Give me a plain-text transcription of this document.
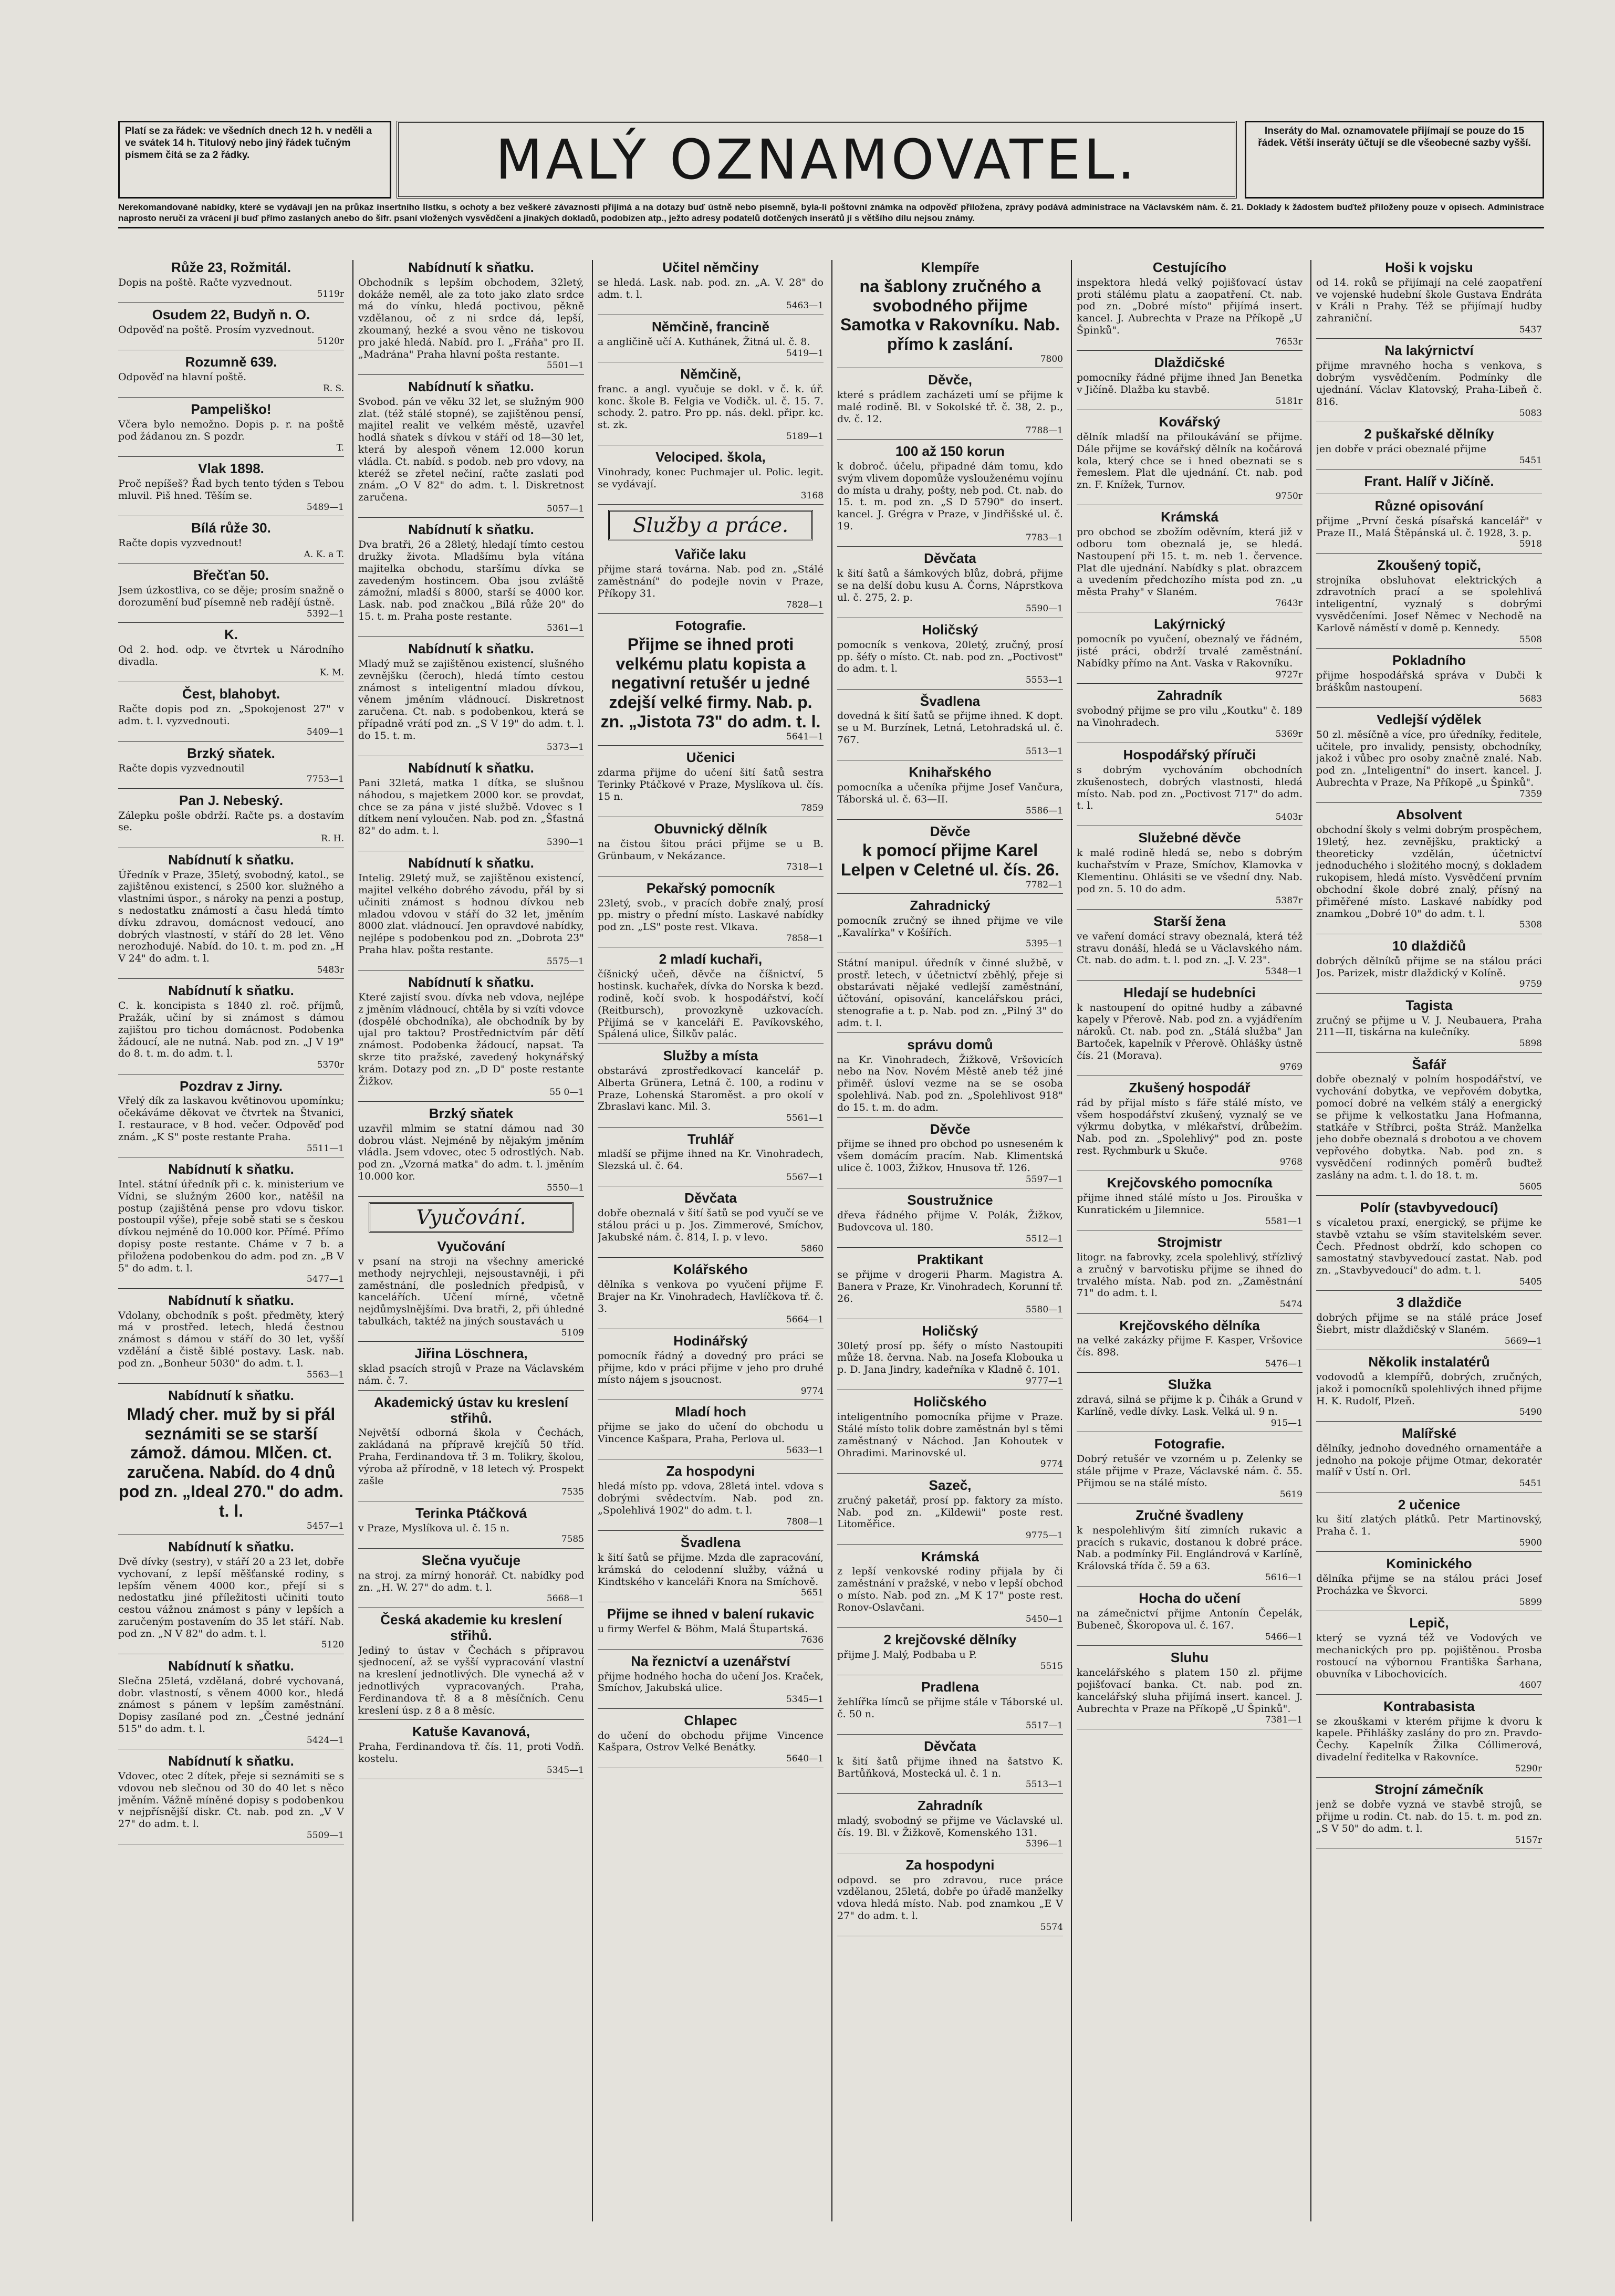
Platí se za řádek: ve všedních dnech 12 h. v neděli a ve svátek 14 h. Titulový nebo jiný řádek tučným písmem čítá se za 2 řádky.	MALÝ OZNAMOVATEL.	Inseráty do Mal. oznamovatele přijímají se pouze do 15 řádek. Větší inseráty účtují se dle všeobecné sazby vyšší.
Nerekomandované nabídky, které se vydávají jen na průkaz insertního lístku, s ochoty a bez veškeré závaznosti přijímá a na dotazy buď ústně nebo písemně, byla-li poštovní známka na odpověď přiložena, zprávy podává administrace na Václavském nám. č. 21. Doklady k žádostem buďtež přiloženy pouze v opisech. Administrace naprosto neručí za vrácení jí buď přímo zaslaných anebo do šifr. psaní vložených vysvědčení a jinakých dokladů, podobizen atp., ježto adresy podatelů dotčených inserátů jí s většího dílu nejsou známy.
Růže 23, Rožmitál.
Dopis na poště. Račte vyzvednout.
5119r
Osudem 22, Budyň n. O.
Odpověď na poště. Prosím vyzvednout.
5120r
Rozumně 639.
Odpověď na hlavní poště.
R. S.
Pampeliško!
Včera bylo nemožno. Dopis p. r. na poště pod žádanou zn. S pozdr.
T.
Vlak 1898.
Proč nepíšeš? Řad bych tento týden s Tebou mluvil. Piš hned. Těším se.
5489—1
Bílá růže 30.
Račte dopis vyzvednout!
A. K. a T.
Břečťan 50.
Jsem úzkostliva, co se děje; prosím snažně o dorozumění buď písemně neb radějí ústně.
5392—1
K.
Od 2. hod. odp. ve čtvrtek u Národního divadla.
K. M.
Čest, blahobyt.
Račte dopis pod zn. „Spokojenost 27" v adm. t. l. vyzvednouti.
5409—1
Brzký sňatek.
Račte dopis vyzvednoutil
7753—1
Pan J. Nebeský.
Zálepku pošle obdrží. Račte ps. a dostavím se.
R. H.
Nabídnutí k sňatku.
Úředník v Praze, 35letý, svobodný, katol., se zajištěnou existencí, s 2500 kor. služného a vlastními úspor., s nároky na penzi a postup, s nedostatku známostí a času hledá tímto dívku zdravou, domácnost vedoucí, ano dobrých vlastností, v stáří do 28 let. Věno nerozhodujé. Nabíd. do 10. t. m. pod zn. „H V 24" do adm. t. l.
5483r
Nabídnutí k sňatku.
C. k. koncipista s 1840 zl. roč. příjmů, Pražák, učiní by si známost s dámou zajištou pro tichou domácnost. Podobenka žádoucí, ale ne nutná. Nab. pod zn. „J V 19" do 8. t. m. do adm. t. l.
5370r
Pozdrav z Jirny.
Vřelý dík za laskavou květinovou upomínku; očekáváme děkovat ve čtvrtek na Štvanici, I. restaurace, v 8 hod. večer. Odpověď pod znám. „K S" poste restante Praha.
5511—1
Nabídnutí k sňatku.
Intel. státní úředník při c. k. ministerium ve Vídni, se služným 2600 kor., natěšil na postup (zajištěná pense pro vdovu tiskor. postoupil výše), přeje sobě stati se s českou dívkou nejméně do 10.000 kor. Přímé. Přímo dopisy poste restante. Cháme v 7 b. a přiložena podobenkou do adm. pod zn. „B V 5" do adm. t. l.
5477—1
Nabídnutí k sňatku.
Vdolany, obchodník s pošt. předměty, který má v prostřed. letech, hledá čestnou známost s dámou v stáří do 30 let, vyšší vzdělání a čistě šiblé postavy. Lask. nab. pod zn. „Bonheur 5030" do adm. t. l.
5563—1
Nabídnutí k sňatku.
Mladý cher. muž by si přál seznámiti se se starší zámož. dámou. Mlčen. ct. zaručena. Nabíd. do 4 dnů pod zn. „Ideal 270." do adm. t. l.
5457—1
Nabídnutí k sňatku.
Dvě dívky (sestry), v stáří 20 a 23 let, dobře vychovaní, z lepší měšťanské rodiny, s lepším věnem 4000 kor., přejí si s nedostatku jiné příležitosti učiniti touto cestou vážnou známost s pány v lepších a zaručeným postavením do 35 let stáří. Nab. pod zn. „N V 82" do adm. t. l.
5120
Nabídnutí k sňatku.
Slečna 25letá, vzdělaná, dobré vychovaná, dobr. vlastností, s věnem 4000 kor., hledá známost s pánem v lepším zaměstnání. Dopisy zasílané pod zn. „Čestné jednání 515" do adm. t. l.
5424—1
Nabídnutí k sňatku.
Vdovec, otec 2 dítek, přeje si seznámiti se s vdovou neb slečnou od 30 do 40 let s něco jměním. Vážně míněné dopisy s podobenkou v nejpřísnější diskr. Ct. nab. pod zn. „V V 27" do adm. t. l.
5509—1
Nabídnutí k sňatku.
Obchodník s lepším obchodem, 32letý, dokáže neměl, ale za toto jako zlato srdce má do vínku, hledá poctivou, pěkně vzdělanou, oč z ni srdce dá, lepší, zkoumaný, hezké a svou věno ne tiskovou pro jaké hledá. Nabíd. pro I. „Fráňa" pro II. „Madrána" Praha hlavní pošta restante.
5501—1
Nabídnutí k sňatku.
Svobod. pán ve věku 32 let, se služným 900 zlat. (též stálé stopné), se zajištěnou pensí, majitel realit ve velkém městě, uzavřel hodlá sňatek s dívkou v stáří od 18—30 let, která by alespoň věnem 12.000 korun vládla. Ct. nabíd. s podob. neb pro vdovy, na kteréž se zřetel nečiní, račte zaslati pod znám. „O V 82" do adm. t. l. Diskretnost zaručena.
5057—1
Nabídnutí k sňatku.
Dva bratři, 26 a 28letý, hledají tímto cestou družky života. Mladšímu byla vítána majitelka obchodu, staršímu dívka se zavedeným hostincem. Oba jsou zvláště zámožní, mladší s 8000, starší se 4000 kor. Lask. nab. pod značkou „Bílá růže 20" do 15. t. m. Praha poste restante.
5361—1
Nabídnutí k sňatku.
Mladý muž se zajištěnou existencí, slušného zevnějšku (čeroch), hledá tímto cestou známost s inteligentní mladou dívkou, věnem jměním vládnoucí. Diskretnost zaručena. Ct. nab. s podobenkou, která se případně vrátí pod zn. „S V 19" do adm. t. l. do 15. t. m.
5373—1
Nabídnutí k sňatku.
Pani 32letá, matka 1 dítka, se slušnou náhodou, s majetkem 2000 kor. se provdat, chce se za pána v jisté službě. Vdovec s 1 dítkem není vyloučen. Nab. pod zn. „Šťastná 82" do adm. t. l.
5390—1
Nabídnutí k sňatku.
Intelig. 29letý muž, se zajištěnou existencí, majitel velkého dobrého závodu, přál by si učiniti známost s hodnou dívkou neb mladou vdovou v stáří do 32 let, jměním 8000 zlat. vládnoucí. Jen opravdové nabídky, nejlépe s podobenkou pod zn. „Dobrota 23" Praha hlav. pošta restante.
5575—1
Nabídnutí k sňatku.
Které zajistí svou. dívka neb vdova, nejlépe z jměním vládnoucí, chtěla by si vzíti vdovce (dospělé obchodníka), ale obchodník by by ujal pro taktou? Prostřednictvím pár dětí známost. Podobenka žádoucí, napsat. Ta skrze tito pražské, zavedený hokynářský krám. Dotazy pod zn. „D D" poste restante Žižkov.
55 0—1
Brzký sňatek
uzavřil mlmim se statní dámou nad 30 dobrou vlást. Nejméně by nějakým jměním vládla. Jsem vdovec, otec 5 odrostlých. Nab. pod zn. „Vzorná matka" do adm. t. l. jměním 10.000 kor.
5550—1
Vyučování.
Vyučování
v psaní na stroji na všechny americké methody nejrychleji, nejsoustavněji, i při zaměstnání, dle posledních předpisů, v kancelářích. Učení mírné, včetně nejdůmyslnějšími. Dva bratři, 2, při úhledné tabulkách, taktéž na jiných soustavách u
5109
Jiřina Löschnera,
sklad psacích strojů v Praze na Václavském nám. č. 7.
Akademický ústav ku kreslení střihů.
Největší odborná škola v Čechách, zakládaná na přípravě krejčíů 50 tříd. Praha, Ferdinandova tř. 3 m. Tolikry, školou, výroba až přírodně, v 18 letech vý. Prospekt zašle
7535
Terinka Ptáčková
v Praze, Myslíkova ul. č. 15 n.
7585
Slečna vyučuje
na stroj. za mírný honorář. Ct. nabídky pod zn. „H. W. 27" do adm. t. l.
5668—1
Česká akademie ku kreslení střihů.
Jediný to ústav v Čechách s přípravou sjednocení, až se vyšší vypracování vlastní na kreslení jednotlivých. Dle vynechá až v jednotlivých vypracovaných. Praha, Ferdinandova tř. 8 a 8 měsíčních. Cenu kreslení úsp. z 8 a 8 měsíc.
Katuše Kavanová,
Praha, Ferdinandova tř. čís. 11, proti Vodň. kostelu.
5345—1
Učitel němčiny
se hledá. Lask. nab. pod. zn. „A. V. 28" do adm. t. l.
5463—1
Němčině, francině
a angličině učí A. Kuthánek, Žitná ul. č. 8.
5419—1
Němčině,
franc. a angl. vyučuje se dokl. v č. k. úř. konc. škole B. Felgia ve Vodičk. ul. č. 15. 7. schody. 2. patro. Pro pp. nás. dekl. připr. kc. st. zk.
5189—1
Velociped. škola,
Vinohrady, konec Puchmajer ul. Polic. legit. se vydávají.
3168
Služby a práce.
Vařiče laku
přijme stará továrna. Nab. pod zn. „Stálé zaměstnání" do podejle novin v Praze, Příkopy 31.
7828—1
Fotografie.
Přijme se ihned proti velkému platu kopista a negativní retušér u jedné zdejší velké firmy. Nab. p. zn. „Jistota 73" do adm. t. l.
5641—1
Učenici
zdarma přijme do učení šití šatů sestra Terinky Ptáčkové v Praze, Myslíkova ul. čís. 15 n.
7859
Obuvnický dělník
na čistou šitou práci přijme se u B. Grünbaum, v Nekázance.
7318—1
Pekařský pomocník
23letý, svob., v pracích dobře znalý, prosí pp. mistry o přední místo. Laskavé nabídky pod zn. „LS" poste rest. Vlkava.
7858—1
2 mladí kuchaři,
číšnický učeň, děvče na číšnictví, 5 hostinsk. kuchařek, dívka do Norska k bezd. rodině, kočí svob. k hospodářství, kočí (Reitbursch), provozkyně uzkovacích. Přijímá se v kanceláři E. Pavíkovského, Spálená ulice, Šilkův palác.
Služby a místa
obstarává zprostředkovací kancelář p. Alberta Grünera, Letná č. 100, a rodinu v Praze, Lohenská Staroměst. a pro okolí v Zbraslavi kanc. Mil. 3.
5561—1
Truhlář
mladší se přijme ihned na Kr. Vinohradech, Slezská ul. č. 64.
5567—1
Děvčata
dobře obeznalá v šití šatů se pod vyučí se ve stálou práci u p. Jos. Zimmerové, Smíchov, Jakubské nám. č. 814, I. p. v levo.
5860
Kolářského
dělníka s venkova po vyučení přijme F. Brajer na Kr. Vinohradech, Havlíčkova tř. č. 3.
5664—1
Hodinářský
pomocník řádný a dovedný pro práci se přijme, kdo v práci přijme v jeho pro druhé místo nájem s jsoucnost.
9774
Mladí hoch
přijme se jako do učení do obchodu u Vincence Kašpara, Praha, Perlova ul.
5633—1
Za hospodyni
hledá místo pp. vdova, 28letá intel. vdova s dobrými svědectvím. Nab. pod zn. „Spolehlivá 1902" do adm. t. l.
7808—1
Švadlena
k šití šatů se přijme. Mzda dle zapracování, krámská do celodenní služby, vážná u Kindtského v kanceláři Knora na Smíchově.
5651
Přijme se ihned v balení rukavic
u firmy Werfel & Böhm, Malá Štupartská.
7636
Na řeznictví a uzenářství
přijme hodného hocha do učení Jos. Kraček, Smíchov, Jakubská ulice.
5345—1
Chlapec
do učení do obchodu přijme Vincence Kašpara, Ostrov Velké Benátky.
5640—1
Klempíře
na šablony zručného a svobodného přijme Samotka v Rakovníku. Nab. přímo k zaslání.
7800
Děvče,
které s prádlem zacházeti umí se přijme k malé rodině. Bl. v Sokolské tř. č. 38, 2. p., dv. č. 12.
7788—1
100 až 150 korun
k dobroč. účelu, připadné dám tomu, kdo svým vlivem dopomůže vyslouženému vojínu do místa u drahy, pošty, neb pod. Ct. nab. do 15. t. m. pod zn. „S D 5790" do insert. kancel. J. Grégra v Praze, v Jindřišské ul. č. 19.
7783—1
Děvčata
k šití šatů a šámkových blůz, dobrá, přijme se na delší dobu kusu A. Čorns, Náprstkova ul. č. 275, 2. p.
5590—1
Holičský
pomocník s venkova, 20letý, zručný, prosí pp. šéfy o místo. Ct. nab. pod zn. „Poctivost" do adm. t. l.
5553—1
Švadlena
dovedná k šití šatů se přijme ihned. K dopt. se u M. Burzínek, Letná, Letohradská ul. č. 767.
5513—1
Knihařského
pomocníka a učeníka přijme Josef Vančura, Táborská ul. č. 63—II.
5586—1
Děvče
k pomocí přijme Karel Lelpen v Celetné ul. čís. 26.
7782—1
Zahradnický
pomocník zručný se ihned přijme ve vile „Kavalírka" v Košířích.
5395—1
Státní manipul. úředník v činné službě, v prostř. letech, v účetnictví zběhlý, přeje si obstarávati nějaké vedlejší zaměstnání, účtování, opisování, kancelářskou práci, stenografie a t. p. Nab. pod zn. „Pilný 3" do adm. t. l.
správu domů
na Kr. Vinohradech, Žižkově, Vršovicích nebo na Nov. Novém Městě aneb též jiné přiměř. úsloví vezme na se se osoba spolehlivá. Nab. pod zn. „Spolehlivost 918" do 15. t. m. do adm.
Děvče
přijme se ihned pro obchod po usneseném k všem domácím pracím. Nab. Klimentská ulice č. 1003, Žižkov, Hnusova tř. 126.
5597—1
Soustružnice
dřeva řádného přijme V. Polák, Žižkov, Budovcova ul. 180.
5512—1
Praktikant
se přijme v drogerii Pharm. Magistra A. Banera v Praze, Kr. Vinohradech, Korunní tř. 26.
5580—1
Holičský
30letý prosí pp. šéfy o místo Nastoupiti může 18. června. Nab. na Josefa Klobouka u p. D. Jana Jindry, kadeřníka v Kladně č. 101.
9777—1
Holičského
inteligentního pomocníka přijme v Praze. Stálé místo tolik dobre zaměstnán byl s těmi zaměstnaný v Náchod. Jan Kohoutek v Ohradimi. Marinovské ul.
9774
Sazeč,
zručný paketář, prosí pp. faktory za místo. Nab. pod zn. „Kildewii" poste rest. Litoměřice.
9775—1
Krámská
z lepší venkovské rodiny přijala by či zaměstnání v pražské, v nebo v lepší obchod o místo. Nab. pod zn. „M K 17" poste rest. Ronov-Oslavčani.
5450—1
2 krejčovské dělníky
přijme J. Malý, Podbaba u P.
5515
Pradlena
žehlířka límců se přijme stále v Táborské ul. č. 50 n.
5517—1
Děvčata
k šití šatů přijme ihned na šatstvo K. Bartůňková, Mostecká ul. č. 1 n.
5513—1
Zahradník
mladý, svobodný se přijme ve Václavské ul. čís. 19. Bl. v Žižkově, Komenského 131.
5396—1
Za hospodyni
odpovd. se pro zdravou, ruce práce vzdělanou, 25letá, dobře po úřadě manželky vdova hledá místo. Nab. pod znamkou „E V 27" do adm. t. l.
5574
Cestujícího
inspektora hledá velký pojišťovací ústav proti stálému platu a zaopatření. Ct. nab. pod zn. „Dobré místo" přijímá insert. kancel. J. Aubrechta v Praze na Příkopě „U Špinků".
7653r
Dlaždičské
pomocníky řádné přijme ihned Jan Benetka v Jičíně. Dlažba ku stavbě.
5181r
Kovářský
dělník mladší na přiloukávání se přijme. Dále přijme se kovářský dělník na kočárová kola, který chce se i hned obeznati se s řemeslem. Plat dle ujednání. Ct. nab. pod zn. F. Knížek, Turnov.
9750r
Krámská
pro obchod se zbožím oděvním, která již v odboru tom obeznalá je, se hledá. Nastoupení při 15. t. m. neb 1. července. Plat dle ujednání. Nabídky s plat. obrazcem a uvedením předchozího místa pod zn. „u města Prahy" v Slaném.
7643r
Lakýrnický
pomocník po vyučení, obeznalý ve řádném, jisté práci, obdrží trvalé zaměstnání. Nabídky přímo na Ant. Vaska v Rakovníku.
9727r
Zahradník
svobodný přijme se pro vilu „Koutku" č. 189 na Vinohradech.
5369r
Hospodářský příruči
s dobrým vychováním obchodních zkušenostech, dobrých vlastnosti, hledá místo. Nab. pod zn. „Poctivost 717" do adm. t. l.
5403r
Služebné děvče
k malé rodině hledá se, nebo s dobrým kuchařstvím v Praze, Smíchov, Klamovka v Klementinu. Ohlásiti se ve všední dny. Nab. pod zn. 5. 10 do adm.
5387r
Starší žena
ve vaření domácí stravy obeznalá, která též stravu donáší, hledá se u Václavského nám. Ct. nab. do adm. t. l. pod zn. „J. V. 23".
5348—1
Hledají se hudebníci
k nastoupení do opitné hudby a zábavné kapely v Přerově. Nab. pod zn. a vyjádřením nároků. Ct. nab. pod zn. „Stálá služba" Jan Bartoček, kapelník v Přerově. Ohlášky ústně čís. 21 (Morava).
9769
Zkušený hospodář
rád by přijal místo s fáře stálé místo, ve všem hospodářství zkušený, vyznalý se ve výkrmu dobytka, v mlékařství, drůbežím. Nab. pod zn. „Spolehlivý" pod zn. poste rest. Rychmburk u Skuče.
9768
Krejčovského pomocníka
přijme ihned stálé místo u Jos. Pirouška v Kunratickém u Jilemnice.
5581—1
Strojmistr
litogr. na fabrovky, zcela spolehlivý, střízlivý a zručný v barvotisku přijme se ihned do trvalého místa. Nab. pod zn. „Zaměstnání 71" do adm. t. l.
5474
Krejčovského dělníka
na velké zakázky přijme F. Kasper, Vršovice čís. 898.
5476—1
Služka
zdravá, silná se přijme k p. Čihák a Grund v Karlíně, vedle dívky. Lask. Velká ul. 9 n.
915—1
Fotografie.
Dobrý retušér ve vzorném u p. Zelenky se stále přijme v Praze, Václavské nám. č. 55. Přijmou se na stálé místo.
5619
Zručné švadleny
k nespolehlivým šití zimních rukavic a pracích s rukavic, dostanou k dobré práce. Nab. a podmínky Fil. Englándrová v Karlíně, Královská třída č. 59 a 63.
5616—1
Hocha do učení
na zámečnictví přijme Antonín Čepelák, Bubeneč, Škoropova ul. č. 167.
5466—1
Sluhu
kancelářského s platem 150 zl. přijme pojišťovací banka. Ct. nab. pod zn. kancelářský sluha přijímá insert. kancel. J. Aubrechta v Praze na Příkopě „U Špinků".
7381—1
Hoši k vojsku
od 14. roků se přijímají na celé zaopatření ve vojenské hudební škole Gustava Endráta v Králi n Prahy. Též se přijímají hudby zahraniční.
5437
Na lakýrnictví
přijme mravného hocha s venkova, s dobrým vysvědčením. Podmínky dle ujednání. Václav Klatovský, Praha-Libeň č. 816.
5083
2 puškařské dělníky
jen dobře v práci obeznalé přijme
5451
Frant. Halíř v Jičíně.
Různé opisování
přijme „První česká písařská kancelář" v Praze II., Malá Štěpánská ul. č. 1928, 3. p.
5918
Zkoušený topič,
strojníka obsluhovat elektrických a zdravotních prací a se spolehlivá inteligentní, vyznalý s dobrými vysvědčeními. Josef Němec v Nechodě na Karlově náměstí v domě p. Kennedy.
5508
Pokladního
přijme hospodářská správa v Dubči k bráškům nastoupení.
5683
Vedlejší výdělek
50 zl. měsíčně a více, pro úředníky, ředitele, učitele, pro invalidy, pensisty, obchodníky, jakož i vůbec pro osoby značně znalé. Nab. pod zn. „Inteligentní" do insert. kancel. J. Aubrechta v Praze, Na Příkopě „u Špinků".
7359
Absolvent
obchodní školy s velmi dobrým prospěchem, 19letý, hez. zevnějšku, praktický a theoreticky vzdělán, účetnictví jednoduchého i složitého mocný, s dokladem rukopisem, hledá místo. Vysvědčení prvním obchodní škole dobré znalý, přísný na přiměřené místo. Laskavé nabídky pod znamkou „Dobré 10" do adm. t. l.
5308
10 dlaždičů
dobrých dělníků přijme se na stálou práci Jos. Parizek, mistr dlaždický v Kolíně.
9759
Tagista
zručný se přijme u V. J. Neubauera, Praha 211—II, tiskárna na kulečníky.
5898
Šafář
dobře obeznalý v polním hospodářství, ve vychování dobytka, ve vepřovém dobytka, pomocí dobré na velkém stálý a energický se přijme k velkostatku Jana Hofmanna, statkáře v Stříbrci, pošta Stráž. Manželka jeho dobře obeznalá s drobotou a ve chovem vepřového dobytka. Nab. pod zn. s vysvědčení rodinných poměrů buďtež zaslány na adm. t. l. do 18. t. m.
5605
Polír (stavbyvedoucí)
s vícaletou praxí, energický, se přijme ke stavbě vztahu se vším stavitelském sever. Čech. Přednost obdrží, kdo schopen co samostatný stavbyvedoucí zastat. Nab. pod zn. „Stavbyvedoucí" do adm. t. l.
5405
3 dlaždiče
dobrých přijme se na stálé práce Josef Šiebrt, mistr dlaždičský v Slaném.
5669—1
Několik instalatérů
vodovodů a klempířů, dobrých, zručných, jakož i pomocníků spolehlivých ihned přijme H. K. Rudolf, Plzeň.
5490
Malířské
dělníky, jednoho dovedného ornamentáře a jednoho na pokoje přijme Otmar, dekoratér malíř v Ústí n. Orl.
5451
2 učenice
ku šití zlatých plátků. Petr Martinovský, Praha č. 1.
5900
Kominického
dělníka přijme se na stálou práci Josef Procházka ve Škvorci.
5899
Lepič,
který se vyzná též ve Vodových ve mechanických pro pp. pojištěnou. Prosba rostoucí na výbornou Františka Šarhana, obuvníka v Libochovicích.
4607
Kontrabasista
se zkouškami v kterém přijme k dvoru k kapele. Přihlášky zaslány do pro zn. Pravdo-Čechy. Kapelník Žilka Cóllimerová, divadelní ředitelka v Rakovníce.
5290r
Strojní zámečník
jenž se dobře vyzná ve stavbě strojů, se přijme u rodin. Ct. nab. do 15. t. m. pod zn. „S V 50" do adm. t. l.
5157r
